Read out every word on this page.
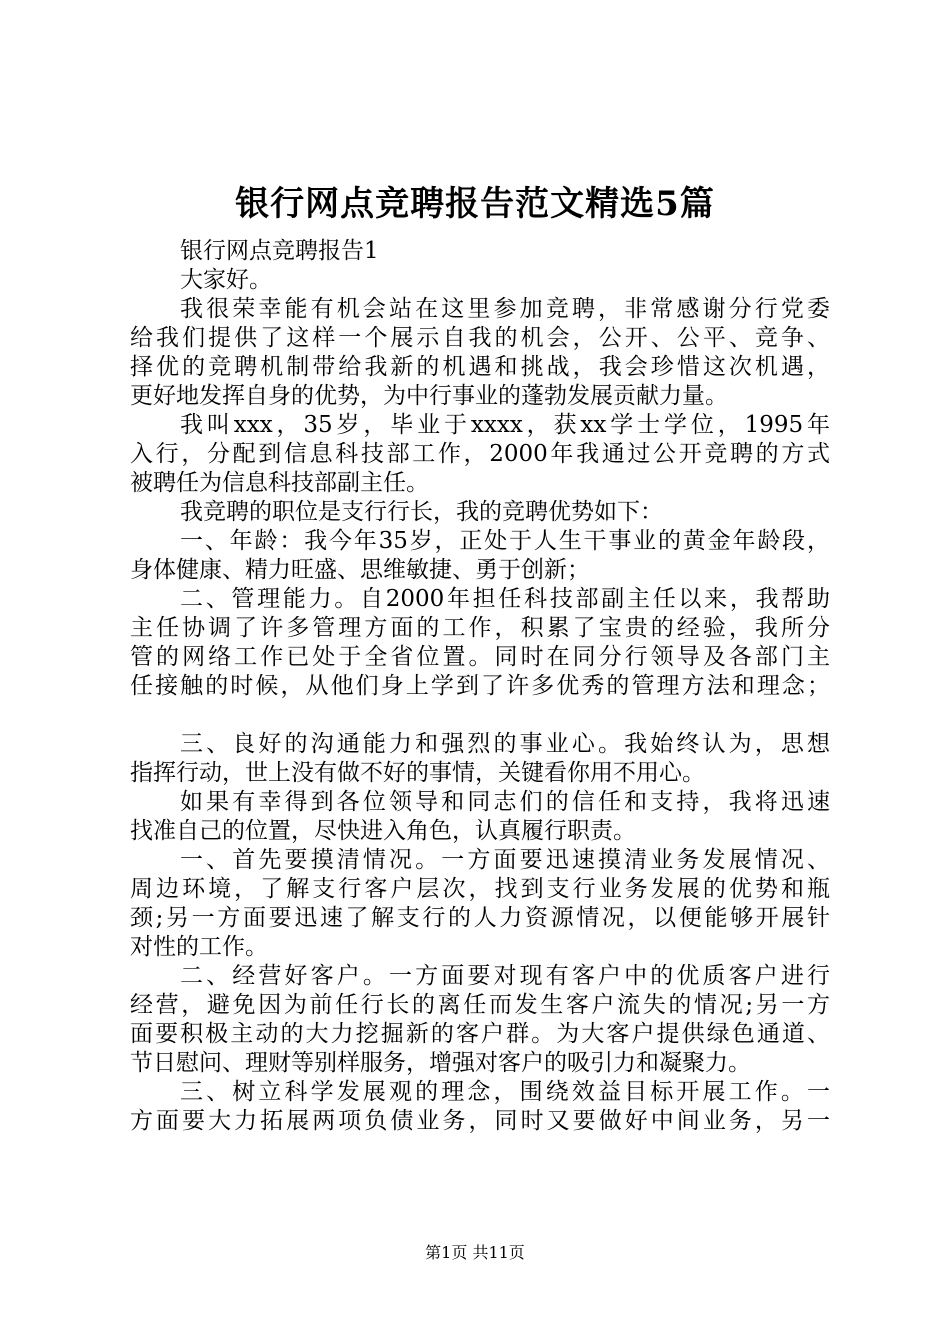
银行网点竞聘报告范文精选5篇
银行网点竞聘报告1
大家好。
我很荣幸能有机会站在这里参加竞聘，非常感谢分行党委
给我们提供了这样一个展示自我的机会，公开、公平、竞争、
择优的竞聘机制带给我新的机遇和挑战，我会珍惜这次机遇，
更好地发挥自身的优势，为中行事业的蓬勃发展贡献力量。
我叫xxx，35岁，毕业于xxxx，获xx学士学位，1995年
入行，分配到信息科技部工作，2000年我通过公开竞聘的方式
被聘任为信息科技部副主任。
我竞聘的职位是支行行长，我的竞聘优势如下：
一、年龄：我今年35岁，正处于人生干事业的黄金年龄段，
身体健康、精力旺盛、思维敏捷、勇于创新；
二、管理能力。自2000年担任科技部副主任以来，我帮助
主任协调了许多管理方面的工作，积累了宝贵的经验，我所分
管的网络工作已处于全省位置。同时在同分行领导及各部门主
任接触的时候，从他们身上学到了许多优秀的管理方法和理念；
三、良好的沟通能力和强烈的事业心。我始终认为，思想
指挥行动，世上没有做不好的事情，关键看你用不用心。
如果有幸得到各位领导和同志们的信任和支持，我将迅速
找准自己的位置，尽快进入角色，认真履行职责。
一、首先要摸清情况。一方面要迅速摸清业务发展情况、
周边环境，了解支行客户层次，找到支行业务发展的优势和瓶
颈;另一方面要迅速了解支行的人力资源情况，以便能够开展针
对性的工作。
二、经营好客户。一方面要对现有客户中的优质客户进行
经营，避免因为前任行长的离任而发生客户流失的情况;另一方
面要积极主动的大力挖掘新的客户群。为大客户提供绿色通道、
节日慰问、理财等别样服务，增强对客户的吸引力和凝聚力。
三、树立科学发展观的理念，围绕效益目标开展工作。一
方面要大力拓展两项负债业务，同时又要做好中间业务，另一
第1页 共11页
